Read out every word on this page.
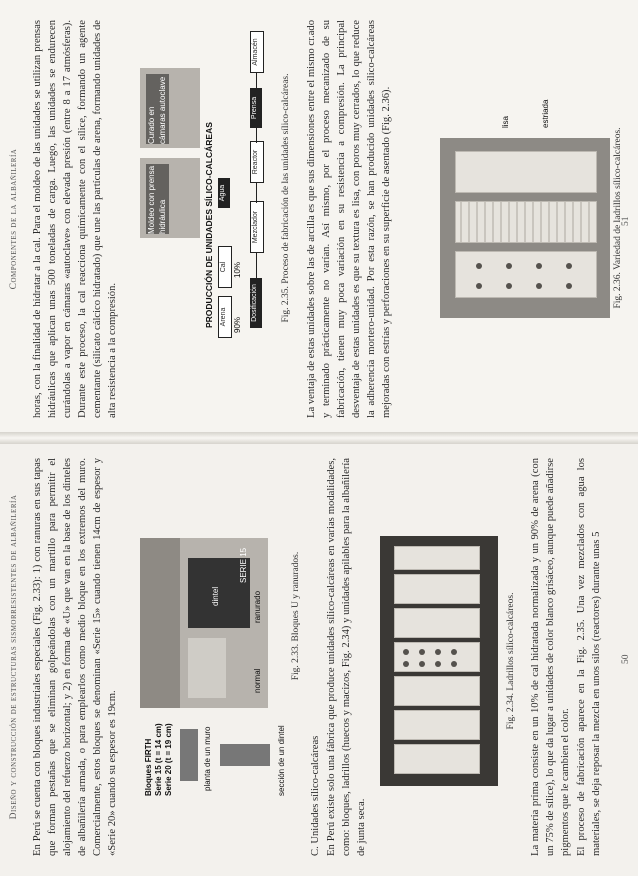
Diseño y construcción de estructuras sismorresistentes de albañilería	50
En Perú se cuenta con bloques industriales especiales (Fig. 2.33): 1) con ranuras en sus tapas que forman pestañas que se eliminan golpeándolas con un martillo para permitir el alojamiento del refuerzo horizontal; y 2) en forma de «U» que van en la base de los dinteles de albañilería armada, o para emplearlos como medio bloque en los extremos del muro. Comercialmente, estos bloques se denominan «Serie 15» cuando tienen 14cm de espesor y «Serie 20» cuando su espesor es 19cm.	Bloques FIRTH Serie 15 (t = 14 cm) Serie 20 (t = 19 cm)	planta de un muro	sección de un dintel
dintel
normal
ranurado
SERIE 15	Fig. 2.33. Bloques U y ranurados.
C. Unidades sílico-calcáreas En Perú existe solo una fábrica que produce unidades sílico-calcáreas en varias modalidades, como: bloques, ladrillos (huecos y macizos, Fig. 2.34) y unidades apilables para la albañilería de junta seca.
Fig. 2.34. Ladrillos sílico-calcáreos. La materia prima consiste en un 10% de cal hidratada normalizada y un 90% de arena (con un 75% de sílice), lo que da lugar a unidades de color blanco grisáceo, aunque puede añadirse pigmentos que le cambien el color. El proceso de fabricación aparece en la Fig. 2.35. Una vez mezclados con agua los materiales, se deja reposar la mezcla en unos silos (reactores) durante unas 5
Componentes de la albañilería	51
horas, con la finalidad de hidratar a la cal. Para el moldeo de las unidades se utilizan prensas hidráulicas que aplican unas 500 toneladas de carga. Luego, las unidades se endurecen curándolas a vapor en cámaras «autoclave» con elevada presión (entre 8 a 17 atmósferas). Durante este proceso, la cal reacciona químicamente con el sílice, formando un agente cementante (silicato cálcico hidratado) que une las partículas de arena, formando unidades de alta resistencia a la compresión.
Moldeo con prensa hidráulica
Curado en cámaras autoclave
PRODUCCIÓN DE UNIDADES SÍLICO-CALCÁREAS Arena
Cal
90%
10%
Agua
Dosificación
Mezclador
Reactor
Prensa
Almacén
Fig. 2.35. Proceso de fabricación de las unidades sílico-calcáreas. La ventaja de estas unidades sobre las de arcilla es que sus dimensiones entre el mismo cr.ado y terminado prácticamente no varían. Así mismo, por el proceso mecanizado de su fabricación, tienen muy poca variación en su resistencia a compresión. La principal desventaja de estas unidades es que su textura es lisa, con poros muy cerrados, lo que reduce la adherencia mortero-unidad. Por esta razón, se han producido unidades sílico-calcáreas mejoradas con estrías y perforaciones en su superficie de asentado (Fig. 2.36).	lisa	estriada
Fig. 2.36. Variedad de ladrillos sílico-calcáreos.
